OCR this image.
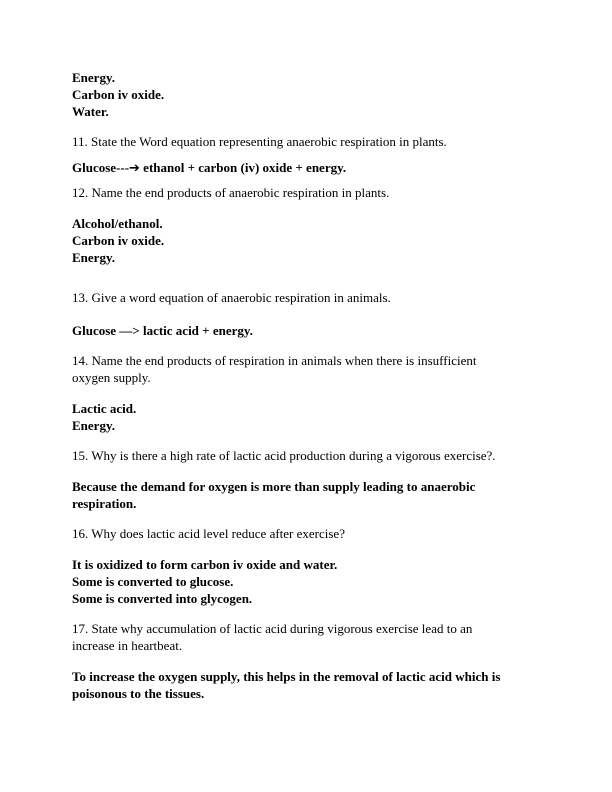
Energy.
Carbon iv oxide.
Water.
11. State the Word equation representing anaerobic respiration in plants.
Glucose---➔ ethanol + carbon (iv) oxide + energy.
12. Name the end products of anaerobic respiration in plants.
Alcohol/ethanol.
Carbon iv oxide.
Energy.
13. Give a word equation of anaerobic respiration in animals.
Glucose —> lactic acid + energy.
14. Name the end products of respiration in animals when there is insufficient
oxygen supply.
Lactic acid.
Energy.
15. Why is there a high rate of lactic acid production during a vigorous exercise?.
Because the demand for oxygen is more than supply leading to anaerobic
respiration.
16. Why does lactic acid level reduce after exercise?
It is oxidized to form carbon iv oxide and water.
Some is converted to glucose.
Some is converted into glycogen.
17. State why accumulation of lactic acid during vigorous exercise lead to an
increase in heartbeat.
To increase the oxygen supply, this helps in the removal of lactic acid which is
poisonous to the tissues.
